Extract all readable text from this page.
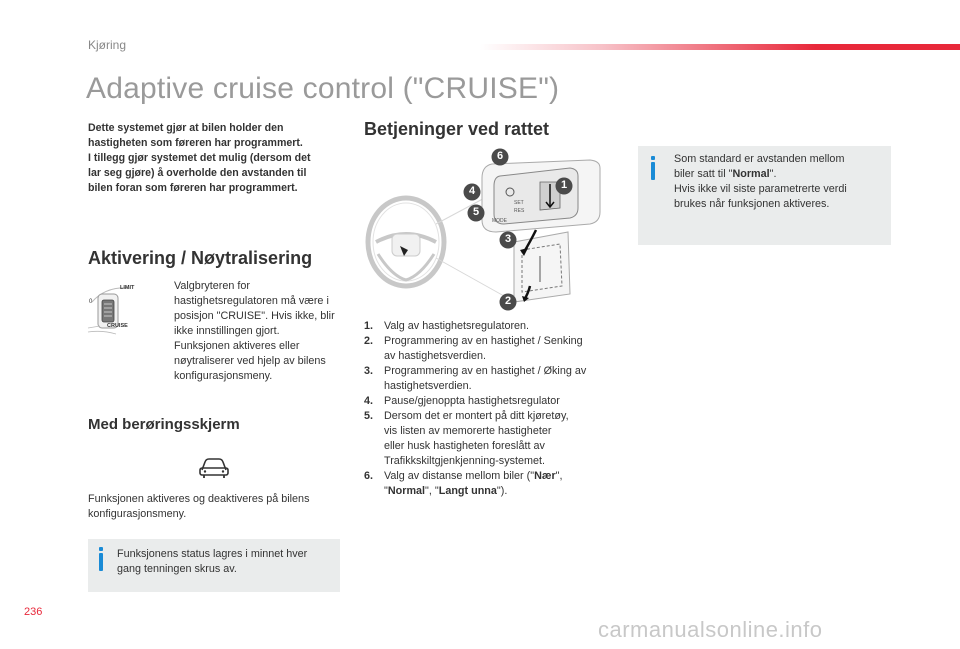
Kjøring
Adaptive cruise control ("CRUISE")
Dette systemet gjør at bilen holder den
hastigheten som føreren har programmert.
I tillegg gjør systemet det mulig (dersom det
lar seg gjøre) å overholde den avstanden til
bilen foran som føreren har programmert.
Aktivering / Nøytralisering
LIMIT
0
CRUISE
Valgbryteren for
hastighetsregulatoren må være i
posisjon "CRUISE". Hvis ikke, blir
ikke innstillingen gjort.
Funksjonen aktiveres eller
nøytraliserer ved hjelp av bilens
konfigurasjonsmeny.
Med berøringsskjerm
Funksjonen aktiveres og deaktiveres på bilens
konfigurasjonsmeny.
Funksjonens status lagres i minnet hver
gang tenningen skrus av.
Betjeninger ved rattet
6
1
4
5
3
2
SET
RES
MODE
1.	Valg av hastighetsregulatoren.
2.	Programmering av en hastighet / Senking
av hastighetsverdien.
3.	Programmering av en hastighet / Øking av
hastighetsverdien.
4.	Pause/gjenoppta hastighetsregulator
5.	Dersom det er montert på ditt kjøretøy,
vis listen av memorerte hastigheter
eller husk hastigheten foreslått av
Trafikkskiltgjenkjenning-systemet.
6.	Valg av distanse mellom biler ("Nær",
"Normal", "Langt unna").
Som standard er avstanden mellom
biler satt til "Normal".
Hvis ikke vil siste parametrerte verdi
brukes når funksjonen aktiveres.
236
carmanualsonline.info
